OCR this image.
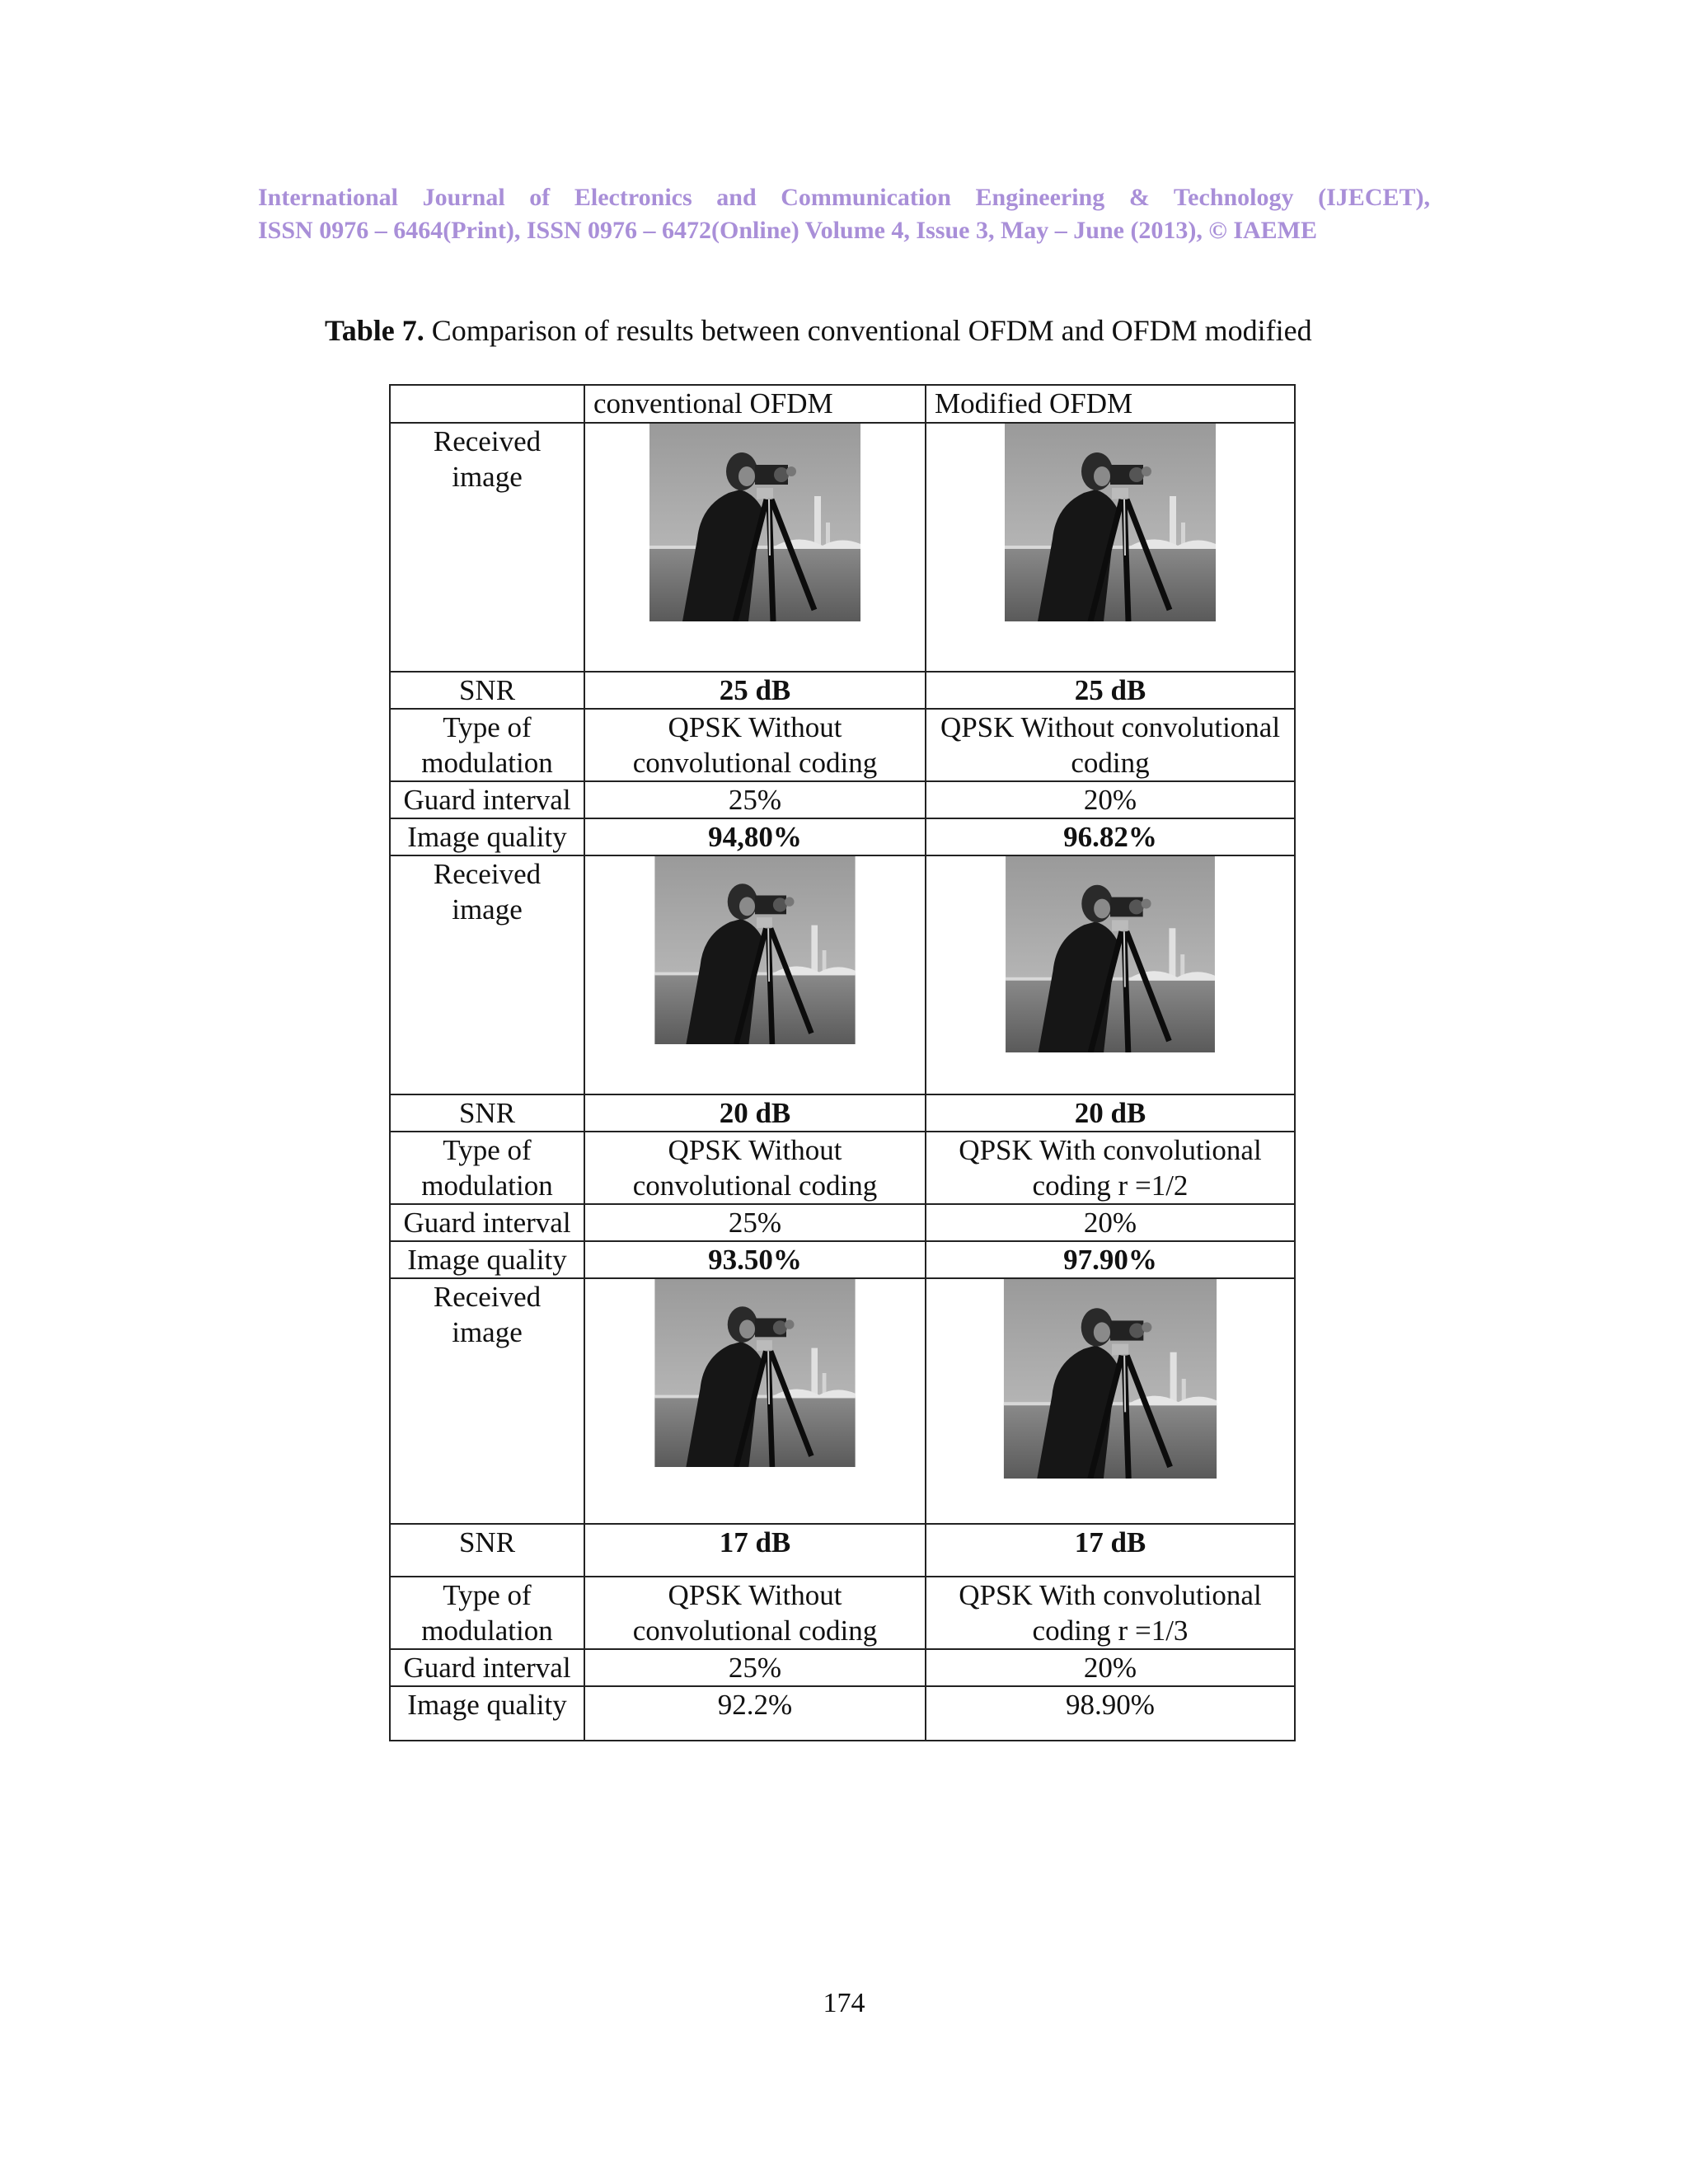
International Journal of Electronics and Communication Engineering & Technology (IJECET),
ISSN 0976 – 6464(Print), ISSN 0976 – 6472(Online) Volume 4, Issue 3, May – June (2013), © IAEME
Table 7. Comparison of results between conventional OFDM and OFDM modified
	conventional OFDM	Modified OFDM
Received image	

SNR	25 dB	25 dB
Type of modulation	QPSK Without convolutional coding	QPSK Without convolutional coding
Guard interval	25%	20%
Image quality	94,80%	96.82%
Received image	

SNR	20 dB	20 dB
Type of modulation	QPSK Without convolutional coding	QPSK With convolutional coding r =1/2
Guard interval	25%	20%
Image quality	93.50%	97.90%
Received image	

SNR	17 dB	17 dB
Type of modulation	QPSK Without convolutional coding	QPSK With convolutional coding r =1/3
Guard interval	25%	20%
Image quality	92.2%	98.90%
174
